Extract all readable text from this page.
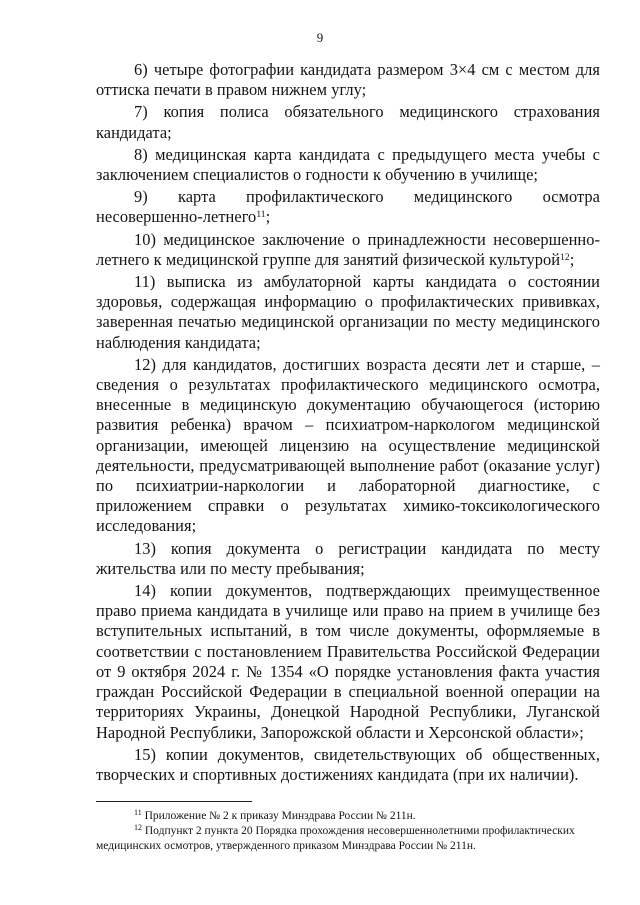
9

6) четыре фотографии кандидата размером 3×4 см с местом для оттиска печати в правом нижнем углу;

7) копия полиса обязательного медицинского страхования кандидата;

8) медицинская карта кандидата с предыдущего места учебы с заключением специалистов о годности к обучению в училище;

9) карта профилактического медицинского осмотра несовершенно-летнего$^{11}$;

10) медицинское заключение о принадлежности несовершенно-летнего к медицинской группе для занятий физической культурой$^{12}$;

11) выписка из амбулаторной карты кандидата о состоянии здоровья, содержащая информацию о профилактических прививках, заверенная печатью медицинской организации по месту медицинского наблюдения кандидата;

12) для кандидатов, достигших возраста десяти лет и старше, – сведения о результатах профилактического медицинского осмотра, внесенные в медицинскую документацию обучающегося (историю развития ребенка) врачом – психиатром-наркологом медицинской организации, имеющей лицензию на осуществление медицинской деятельности, предусматривающей выполнение работ (оказание услуг) по психиатрии-наркологии и лабораторной диагностике, с приложением справки о результатах химико-токсикологического исследования;

13) копия документа о регистрации кандидата по месту жительства или по месту пребывания;

14) копии документов, подтверждающих преимущественное право приема кандидата в училище или право на прием в училище без вступительных испытаний, в том числе документы, оформляемые в соответствии с постановлением Правительства Российской Федерации от 9 октября 2024 г. № 1354 «О порядке установления факта участия граждан Российской Федерации в специальной военной операции на территориях Украины, Донецкой Народной Республики, Луганской Народной Республики, Запорожской области и Херсонской области»;

15) копии документов, свидетельствующих об общественных, творческих и спортивных достижениях кандидата (при их наличии).

$^{11}$ Приложение № 2 к приказу Минздрава России № 211н.

$^{12}$ Подпункт 2 пункта 20 Порядка прохождения несовершеннолетними профилактических медицинских осмотров, утвержденного приказом Минздрава России № 211н.
